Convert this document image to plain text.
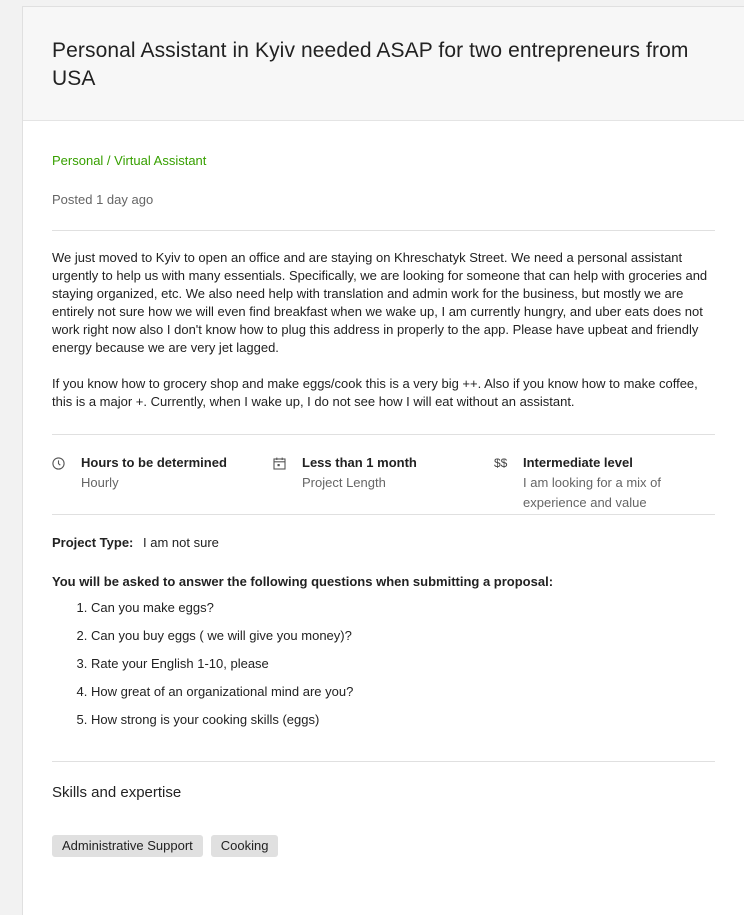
Personal Assistant in Kyiv needed ASAP for two entrepreneurs from USA
Personal / Virtual Assistant
Posted 1 day ago

We just moved to Kyiv to open an office and are staying on Khreschatyk Street. We need a personal assistant urgently to help us with many essentials. Specifically, we are looking for someone that can help with groceries and staying organized, etc. We also need help with translation and admin work for the business, but mostly we are entirely not sure how we will even find breakfast when we wake up, I am currently hungry, and uber eats does not work right now also I don't know how to plug this address in properly to the app. Please have upbeat and friendly energy because we are very jet lagged.

If you know how to grocery shop and make eggs/cook this is a very big ++. Also if you know how to make coffee, this is a major +. Currently, when I wake up, I do not see how I will eat without an assistant.

Hours to be determined
Hourly
Less than 1 month
Project Length
$$	Intermediate level
I am looking for a mix of experience and value
Project Type: I am not sure
You will be asked to answer the following questions when submitting a proposal:
1. Can you make eggs?
2. Can you buy eggs ( we will give you money)?
3. Rate your English 1-10, please
4. How great of an organizational mind are you?
5. How strong is your cooking skills (eggs)
Skills and expertise
Administrative Support	Cooking
